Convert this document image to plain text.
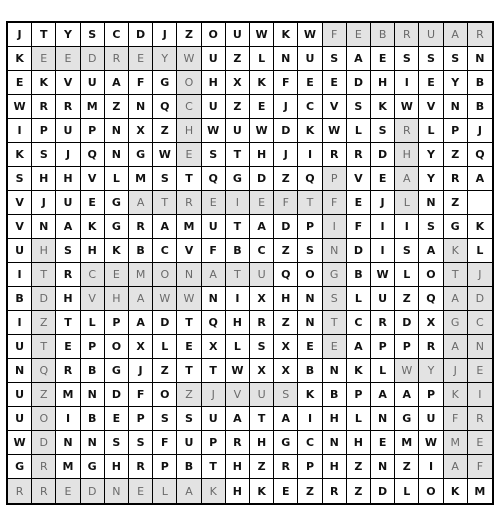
J	T	Y	S	C	D	J	Z	O	U	W	K	W	F	E	B	R	U	A	R
K	E	E	D	R	E	Y	W	U	Z	L	N	U	S	A	E	S	S	S	N
E	K	V	U	A	F	G	O	H	X	K	F	E	E	D	H	I	E	Y	B
W	R	R	M	Z	N	Q	C	U	Z	E	J	C	V	S	K	W	V	N	B
I	P	U	P	N	X	Z	H	W	U	W	D	K	W	L	S	R	L	P	J
K	S	J	Q	N	G	W	E	S	T	H	J	I	R	R	D	H	Y	Z	Q
S	H	H	V	L	M	S	T	Q	G	D	Z	Q	P	V	E	A	Y	R	A
V	J	U	E	G	A	T	R	E	I	E	F	T	F	E	J	L	N	Z
V	N	A	K	G	R	A	M	U	T	A	D	P	I	F	I	I	S	G	K
U	H	S	H	K	B	C	V	F	B	C	Z	S	N	D	I	S	A	K	L
I	T	R	C	E	M	O	N	A	T	U	Q	O	G	B	W	L	O	T	J
B	D	H	V	H	A	W	W	N	I	X	H	N	S	L	U	Z	Q	A	D
I	Z	T	L	P	A	D	T	Q	H	R	Z	N	T	C	R	D	X	G	C
U	T	E	P	O	X	L	E	X	L	S	X	E	E	A	P	P	R	A	N
N	Q	R	B	G	J	Z	T	T	W	X	X	B	N	K	L	W	Y	J	E
U	Z	M	N	D	F	O	Z	J	V	U	S	K	B	P	A	A	P	K	I
U	O	I	B	E	P	S	S	U	A	T	A	I	H	L	N	G	U	F	R
W	D	N	N	S	S	F	U	P	R	H	G	C	N	H	E	M	W	M	E
G	R	M	G	H	R	P	B	T	H	Z	R	P	H	Z	N	Z	I	A	F
R	R	E	D	N	E	L	A	K	H	K	E	Z	R	Z	D	L	O	K	M
